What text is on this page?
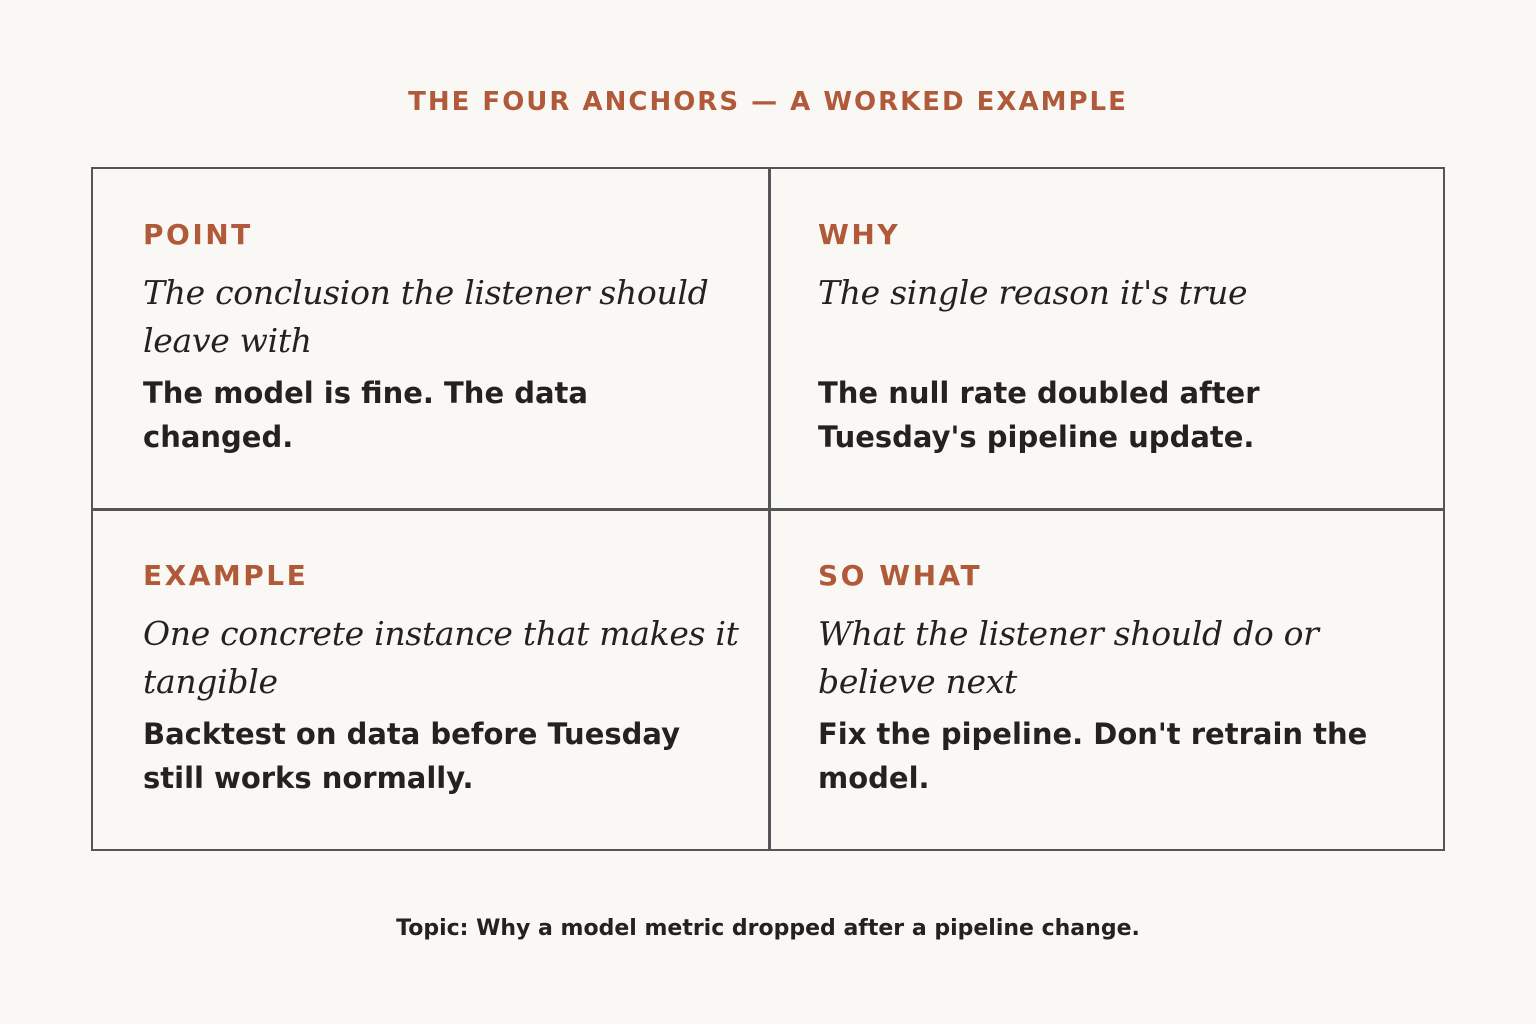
THE FOUR ANCHORS — A WORKED EXAMPLE
POINT
The conclusion the listener should leave with
The model is fine. The data changed.
WHY
The single reason it's true
The null rate doubled after Tuesday's pipeline update.
EXAMPLE
One concrete instance that makes it tangible
Backtest on data before Tuesday still works normally.
SO WHAT
What the listener should do or believe next
Fix the pipeline. Don't retrain the model.
Topic: Why a model metric dropped after a pipeline change.
